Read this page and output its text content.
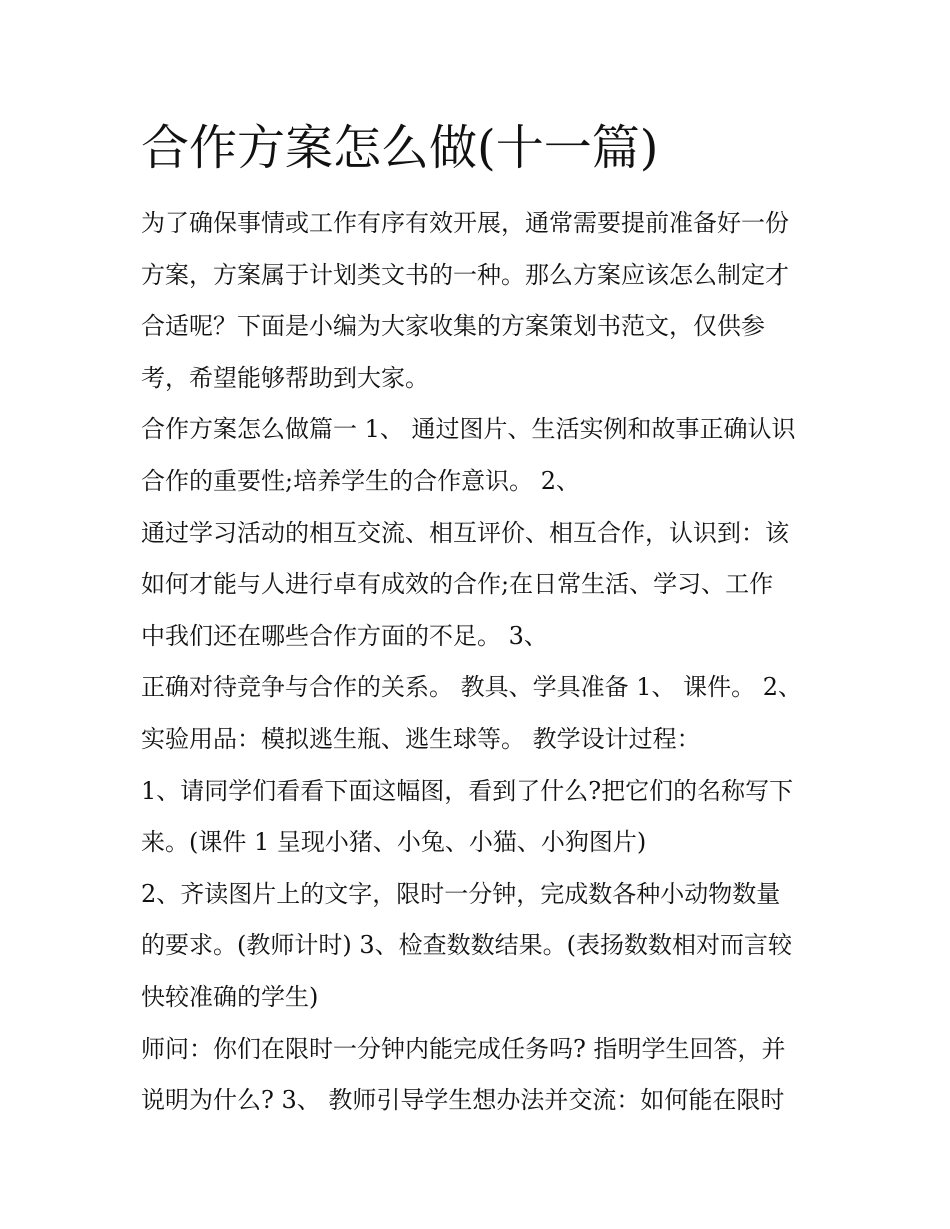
合作方案怎么做(十一篇)

为了确保事情或工作有序有效开展，通常需要提前准备好一份

方案，方案属于计划类文书的一种。那么方案应该怎么制定才

合适呢？下面是小编为大家收集的方案策划书范文，仅供参

考，希望能够帮助到大家。

合作方案怎么做篇一 1、 通过图片、生活实例和故事正确认识

合作的重要性;培养学生的合作意识。 2、

通过学习活动的相互交流、相互评价、相互合作，认识到：该

如何才能与人进行卓有成效的合作;在日常生活、学习、工作

中我们还在哪些合作方面的不足。 3、

正确对待竞争与合作的关系。 教具、学具准备 1、 课件。 2、

实验用品：模拟逃生瓶、逃生球等。 教学设计过程：

1、请同学们看看下面这幅图，看到了什么?把它们的名称写下

来。(课件 1 呈现小猪、小兔、小猫、小狗图片)

2、齐读图片上的文字，限时一分钟，完成数各种小动物数量

的要求。(教师计时) 3、检查数数结果。(表扬数数相对而言较

快较准确的学生)

师问：你们在限时一分钟内能完成任务吗? 指明学生回答，并

说明为什么? 3、 教师引导学生想办法并交流：如何能在限时
